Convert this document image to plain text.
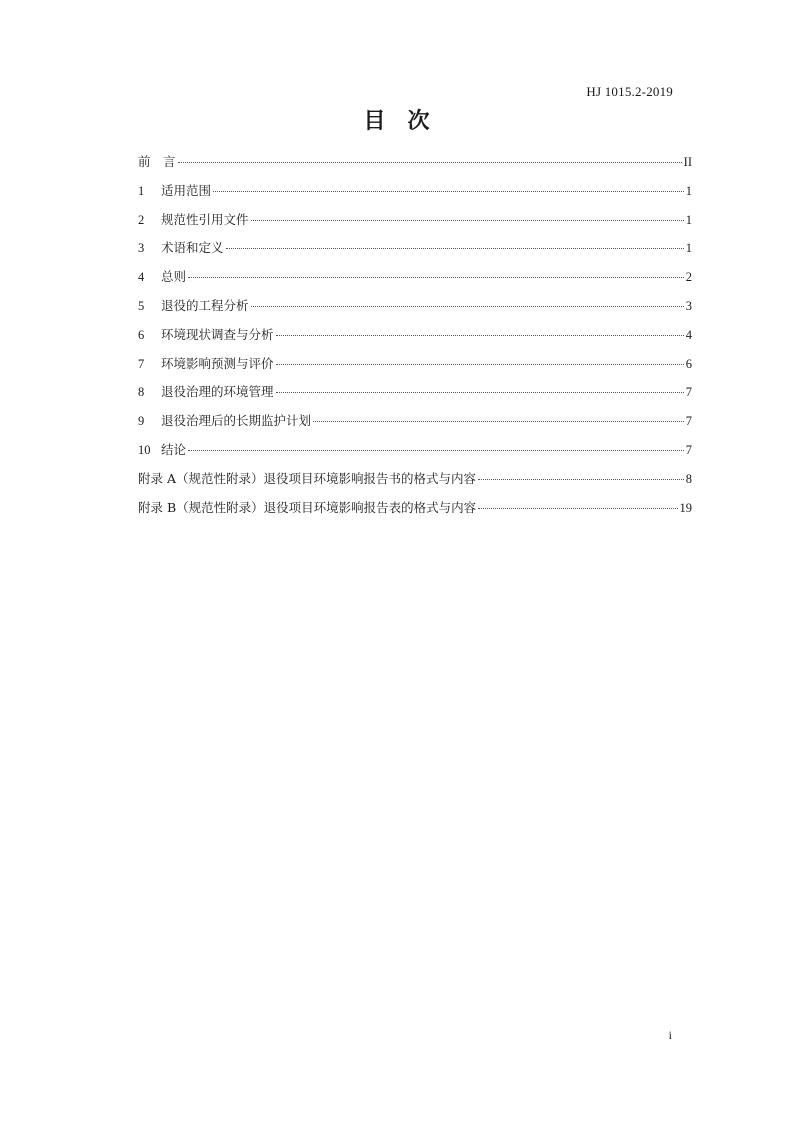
HJ 1015.2-2019
目　次
前　言	II
1	适用范围	1
2	规范性引用文件	1
3	术语和定义	1
4	总则	2
5	退役的工程分析	3
6	环境现状调查与分析	4
7	环境影响预测与评价	6
8	退役治理的环境管理	7
9	退役治理后的长期监护计划	7
10 结论	7
附录 A（规范性附录）退役项目环境影响报告书的格式与内容	8
附录 B（规范性附录）退役项目环境影响报告表的格式与内容	19
i
